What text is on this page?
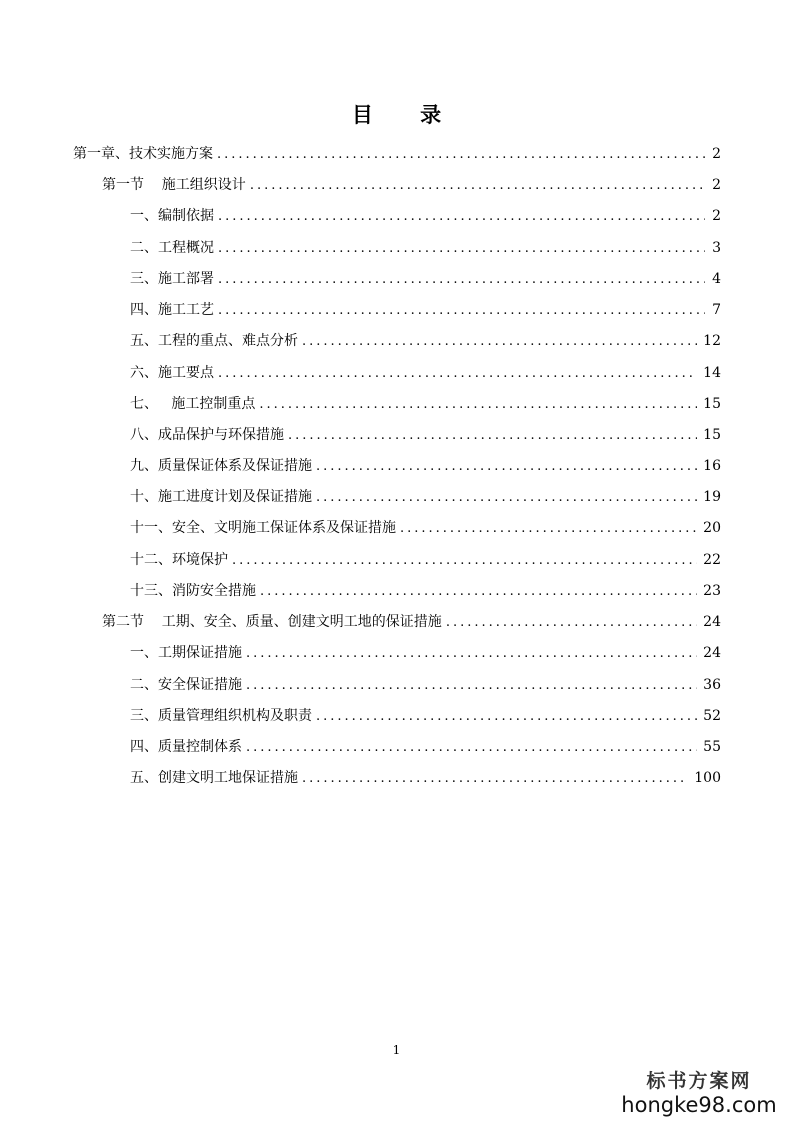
目 录
第一章、技术实施方案 .....	2
第一节    施工组织设计 .....	2
一、编制依据 .....	2
二、工程概况 .....	3
三、施工部署 .....	4
四、施工工艺 .....	7
五、工程的重点、难点分析 .....	12
六、施工要点 .....	14
七、   施工控制重点 .....	15
八、成品保护与环保措施 .....	15
九、质量保证体系及保证措施 .....	16
十、施工进度计划及保证措施 .....	19
十一、安全、文明施工保证体系及保证措施 .....	20
十二、环境保护 .....	22
十三、消防安全措施 .....	23
第二节    工期、安全、质量、创建文明工地的保证措施 .....	24
一、工期保证措施 .....	24
二、安全保证措施 .....	36
三、质量管理组织机构及职责 .....	52
四、质量控制体系 .....	55
五、创建文明工地保证措施 .....	100
1
标书方案网
hongke98.com
